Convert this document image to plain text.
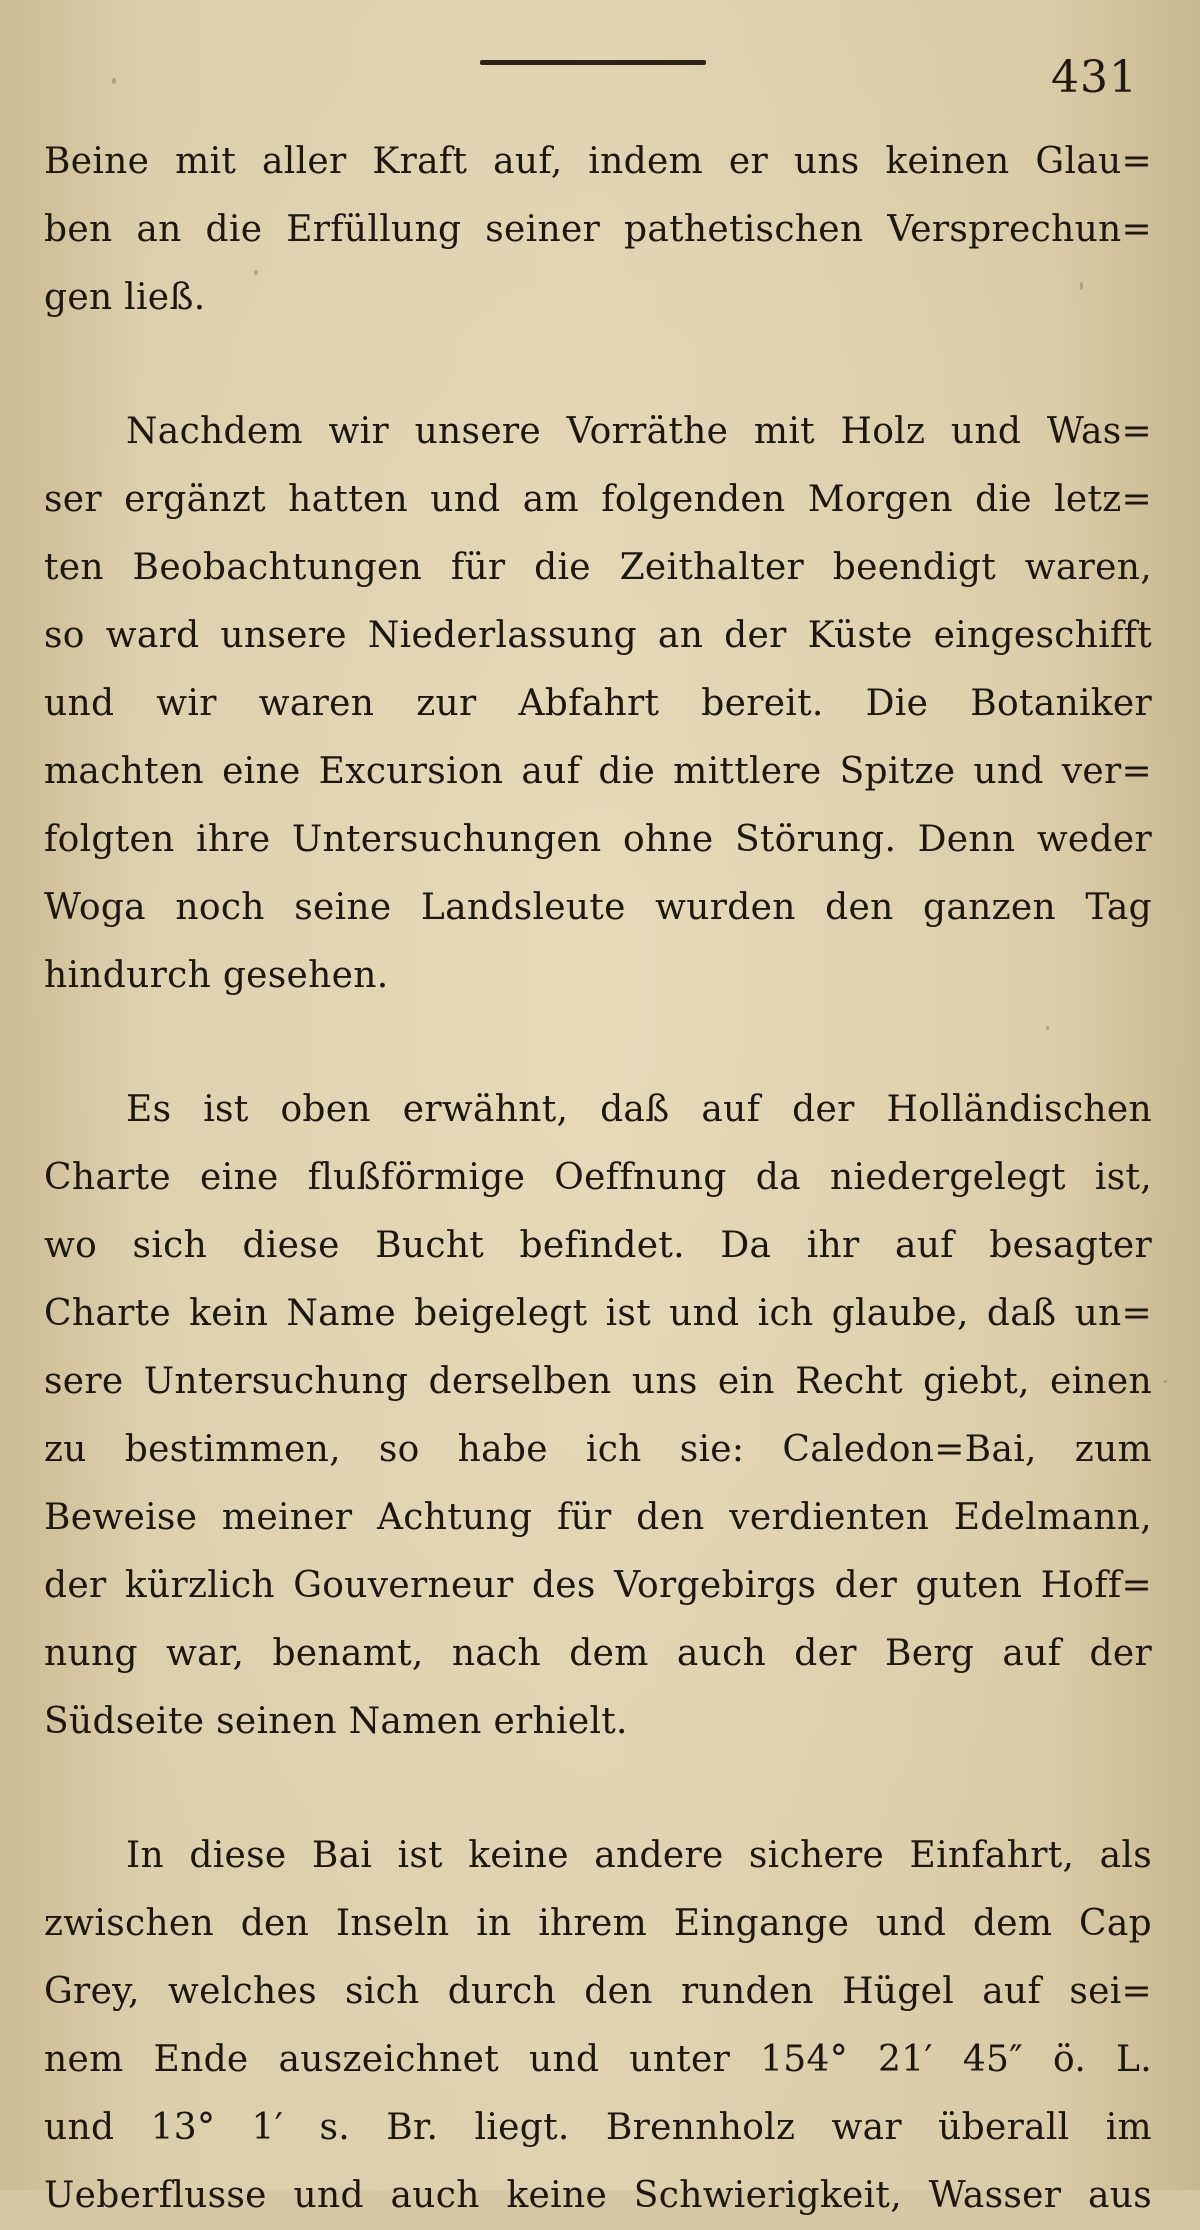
431
Beine mit aller Kraft auf, indem er uns keinen Glau=
ben an die Erfüllung seiner pathetischen Versprechun=
gen ließ.
Nachdem wir unsere Vorräthe mit Holz und Was=
ser ergänzt hatten und am folgenden Morgen die letz=
ten Beobachtungen für die Zeithalter beendigt waren,
so ward unsere Niederlassung an der Küste eingeschifft
und wir waren zur Abfahrt bereit. Die Botaniker
machten eine Excursion auf die mittlere Spitze und ver=
folgten ihre Untersuchungen ohne Störung. Denn weder
Woga noch seine Landsleute wurden den ganzen Tag
hindurch gesehen.
Es ist oben erwähnt, daß auf der Holländischen
Charte eine flußförmige Oeffnung da niedergelegt ist,
wo sich diese Bucht befindet. Da ihr auf besagter
Charte kein Name beigelegt ist und ich glaube, daß un=
sere Untersuchung derselben uns ein Recht giebt, einen
zu bestimmen, so habe ich sie: Caledon=Bai, zum
Beweise meiner Achtung für den verdienten Edelmann,
der kürzlich Gouverneur des Vorgebirgs der guten Hoff=
nung war, benamt, nach dem auch der Berg auf der
Südseite seinen Namen erhielt.
In diese Bai ist keine andere sichere Einfahrt, als
zwischen den Inseln in ihrem Eingange und dem Cap
Grey, welches sich durch den runden Hügel auf sei=
nem Ende auszeichnet und unter 154° 21′ 45″ ö. L.
und 13° 1′ s. Br. liegt. Brennholz war überall im
Ueberflusse und auch keine Schwierigkeit, Wasser aus
